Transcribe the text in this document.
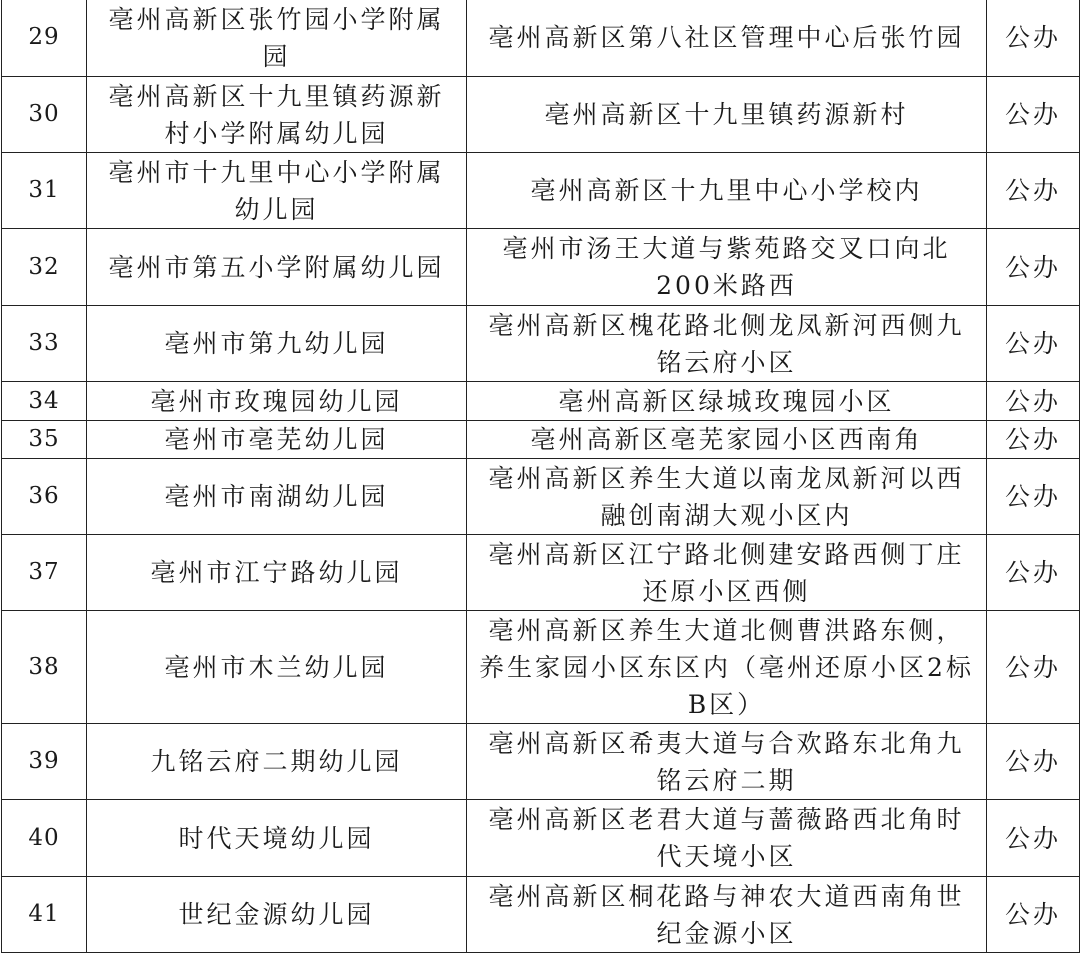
29	亳州高新区张竹园小学附属园	亳州高新区第八社区管理中心后张竹园	公办
30	亳州高新区十九里镇药源新村小学附属幼儿园	亳州高新区十九里镇药源新村	公办
31	亳州市十九里中心小学附属幼儿园	亳州高新区十九里中心小学校内	公办
32	亳州市第五小学附属幼儿园	亳州市汤王大道与紫苑路交叉口向北200米路西	公办
33	亳州市第九幼儿园	亳州高新区槐花路北侧龙凤新河西侧九铭云府小区	公办
34	亳州市玫瑰园幼儿园	亳州高新区绿城玫瑰园小区	公办
35	亳州市亳芜幼儿园	亳州高新区亳芜家园小区西南角	公办
36	亳州市南湖幼儿园	亳州高新区养生大道以南龙凤新河以西融创南湖大观小区内	公办
37	亳州市江宁路幼儿园	亳州高新区江宁路北侧建安路西侧丁庄还原小区西侧	公办
38	亳州市木兰幼儿园	亳州高新区养生大道北侧曹洪路东侧，养生家园小区东区内（亳州还原小区2标B区）	公办
39	九铭云府二期幼儿园	亳州高新区希夷大道与合欢路东北角九铭云府二期	公办
40	时代天境幼儿园	亳州高新区老君大道与蔷薇路西北角时代天境小区	公办
41	世纪金源幼儿园	亳州高新区桐花路与神农大道西南角世纪金源小区	公办
